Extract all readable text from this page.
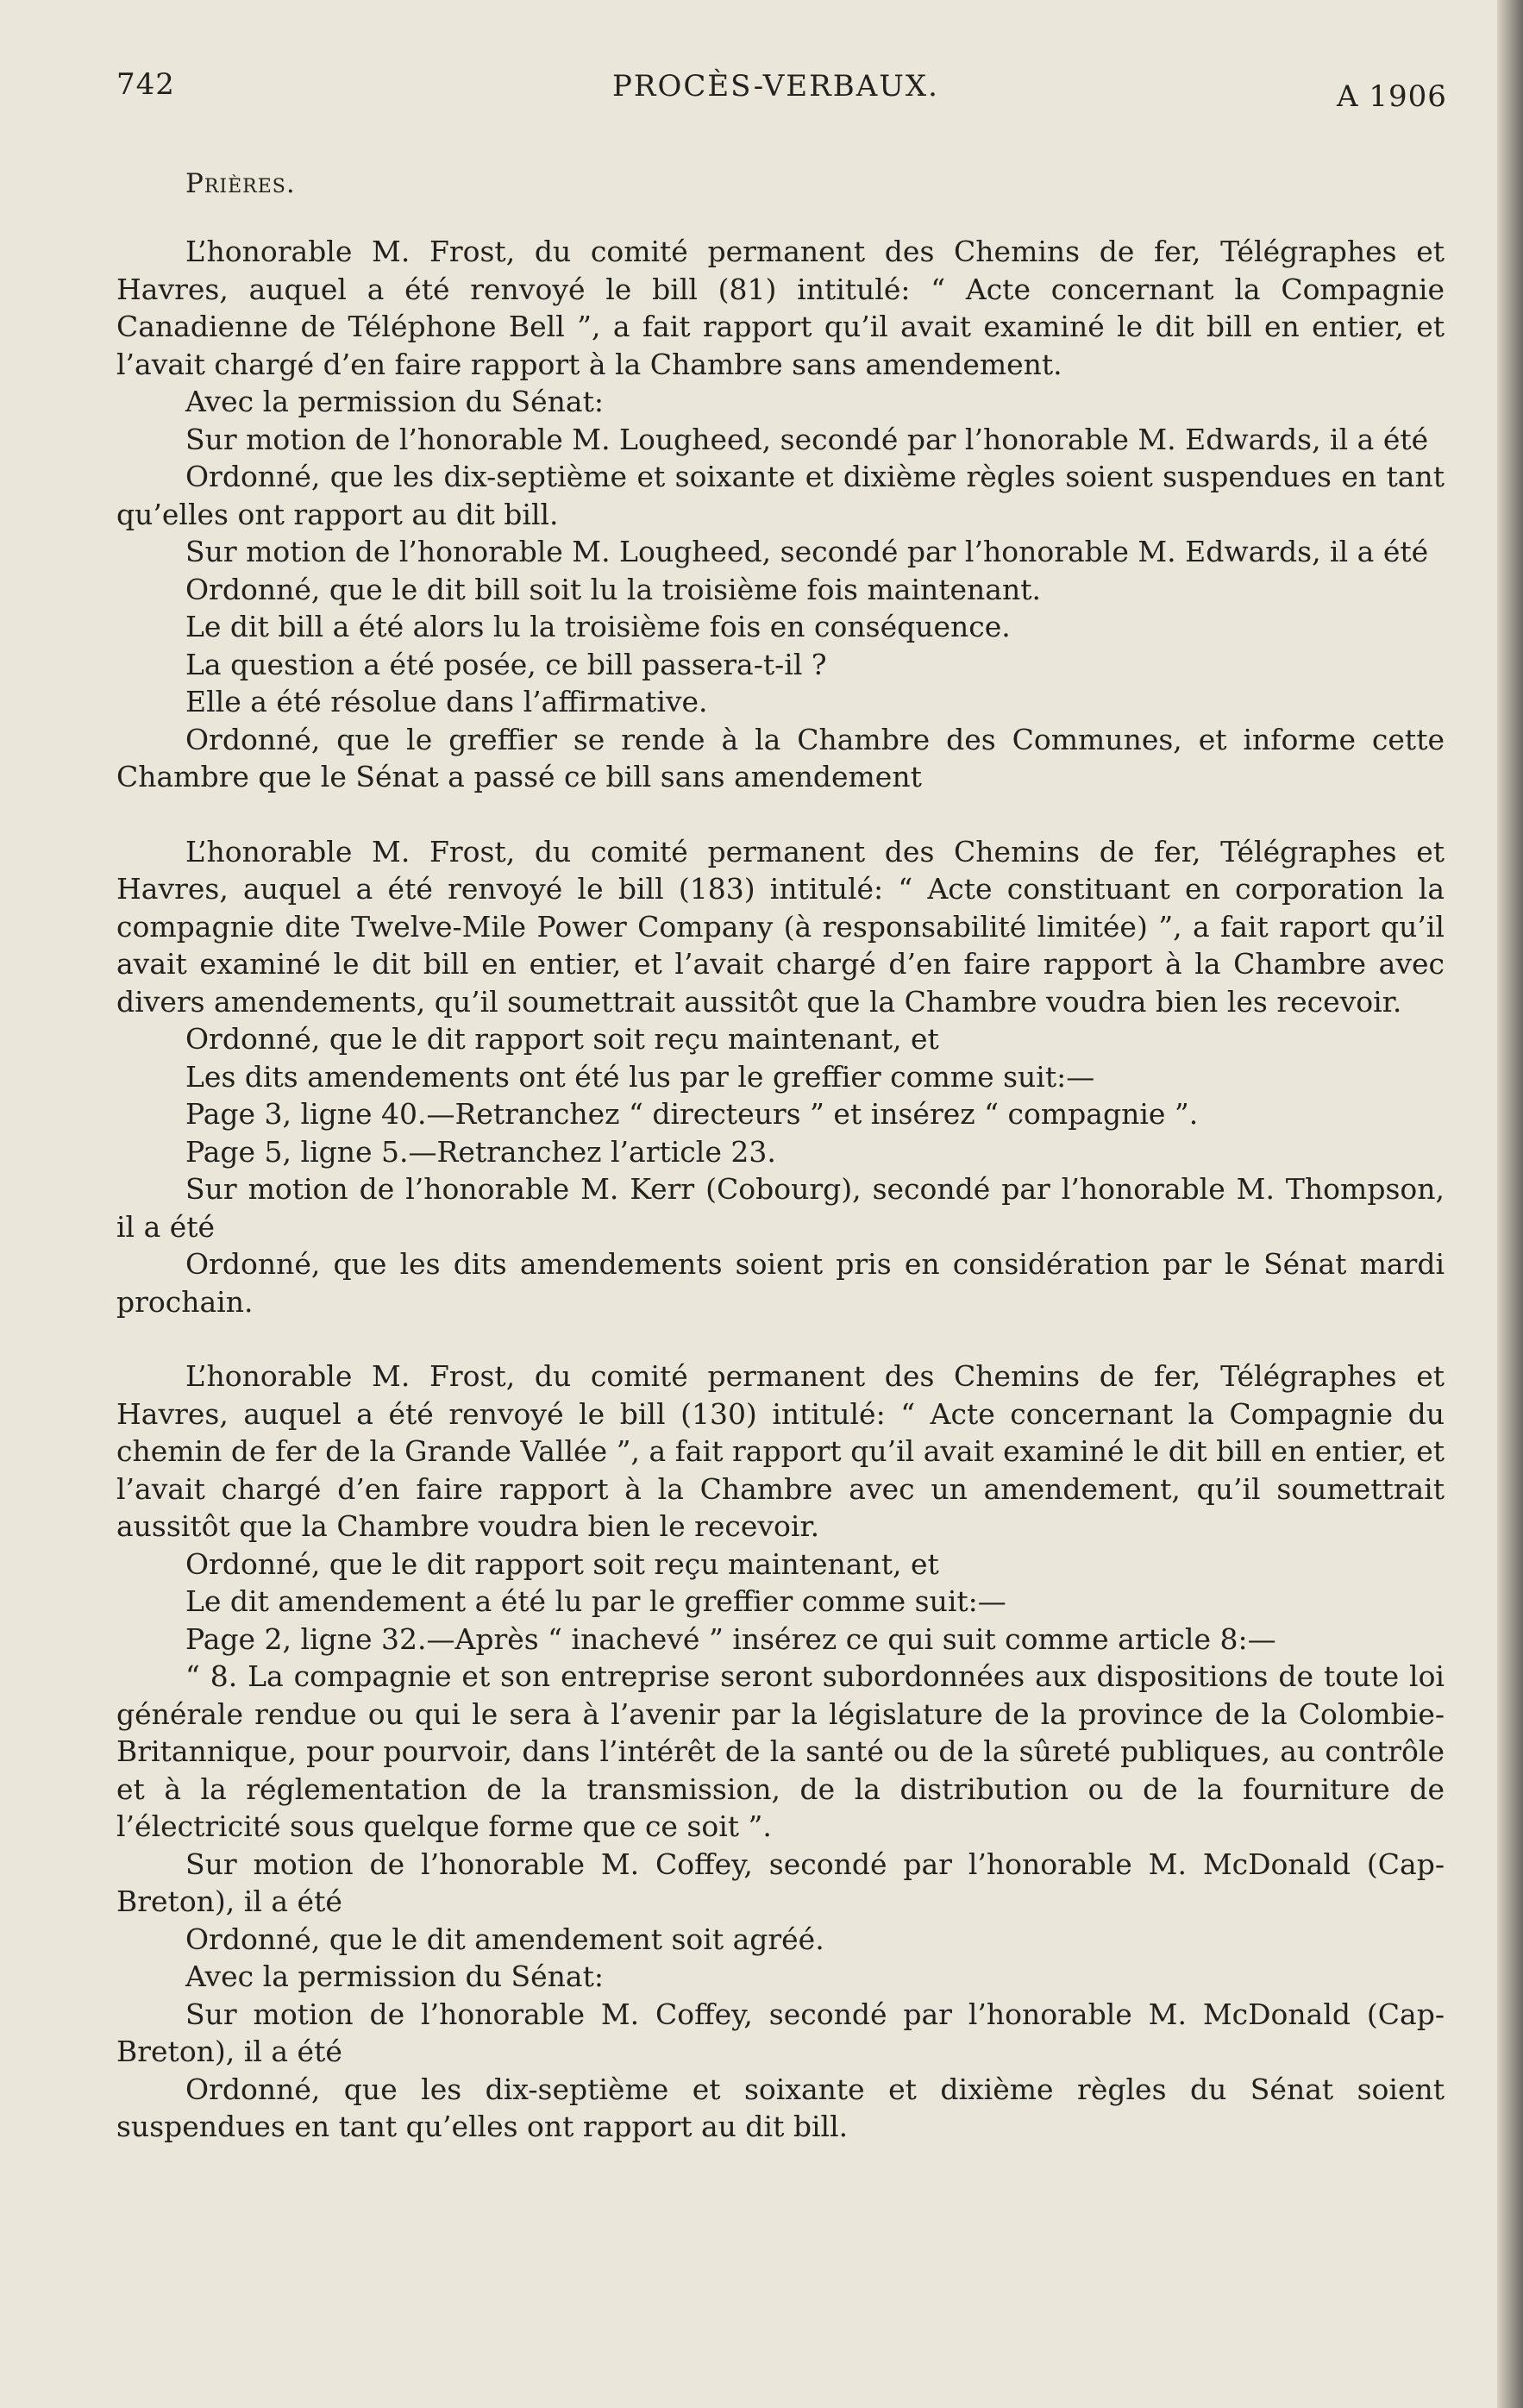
742	PROCÈS-VERBAUX.	A 1906
Prières.

L’honorable M. Frost, du comité permanent des Chemins de fer, Télégraphes et Havres, auquel a été renvoyé le bill (81) intitulé: “ Acte concernant la Compagnie Canadienne de Téléphone Bell ”, a fait rapport qu’il avait examiné le dit bill en entier, et l’avait chargé d’en faire rapport à la Chambre sans amendement.

Avec la permission du Sénat:

Sur motion de l’honorable M. Lougheed, secondé par l’honorable M. Edwards, il a été

Ordonné, que les dix-septième et soixante et dixième règles soient suspendues en tant qu’elles ont rapport au dit bill.

Sur motion de l’honorable M. Lougheed, secondé par l’honorable M. Edwards, il a été

Ordonné, que le dit bill soit lu la troisième fois maintenant.

Le dit bill a été alors lu la troisième fois en conséquence.

La question a été posée, ce bill passera-t-il ?

Elle a été résolue dans l’affirmative.

Ordonné, que le greffier se rende à la Chambre des Communes, et informe cette Chambre que le Sénat a passé ce bill sans amendement

L’honorable M. Frost, du comité permanent des Chemins de fer, Télégraphes et Havres, auquel a été renvoyé le bill (183) intitulé: “ Acte constituant en corporation la compagnie dite Twelve-Mile Power Company (à responsabilité limitée) ”, a fait raport qu’il avait examiné le dit bill en entier, et l’avait chargé d’en faire rapport à la Chambre avec divers amendements, qu’il soumettrait aussitôt que la Chambre voudra bien les recevoir.

Ordonné, que le dit rapport soit reçu maintenant, et

Les dits amendements ont été lus par le greffier comme suit:—

Page 3, ligne 40.—Retranchez “ directeurs ” et insérez “ compagnie ”.

Page 5, ligne 5.—Retranchez l’article 23.

Sur motion de l’honorable M. Kerr (Cobourg), secondé par l’honorable M. Thompson, il a été

Ordonné, que les dits amendements soient pris en considération par le Sénat mardi prochain.

L’honorable M. Frost, du comité permanent des Chemins de fer, Télégraphes et Havres, auquel a été renvoyé le bill (130) intitulé: “ Acte concernant la Compagnie du chemin de fer de la Grande Vallée ”, a fait rapport qu’il avait examiné le dit bill en entier, et l’avait chargé d’en faire rapport à la Chambre avec un amendement, qu’il soumettrait aussitôt que la Chambre voudra bien le recevoir.

Ordonné, que le dit rapport soit reçu maintenant, et

Le dit amendement a été lu par le greffier comme suit:—

Page 2, ligne 32.—Après “ inachevé ” insérez ce qui suit comme article 8:—

“ 8. La compagnie et son entreprise seront subordonnées aux dispositions de toute loi générale rendue ou qui le sera à l’avenir par la législature de la province de la Colombie-Britannique, pour pourvoir, dans l’intérêt de la santé ou de la sûreté publiques, au contrôle et à la réglementation de la transmission, de la distribution ou de la fourniture de l’électricité sous quelque forme que ce soit ”.

Sur motion de l’honorable M. Coffey, secondé par l’honorable M. McDonald (Cap-Breton), il a été

Ordonné, que le dit amendement soit agréé.

Avec la permission du Sénat:

Sur motion de l’honorable M. Coffey, secondé par l’honorable M. McDonald (Cap-Breton), il a été

Ordonné, que les dix-septième et soixante et dixième règles du Sénat soient suspendues en tant qu’elles ont rapport au dit bill.
